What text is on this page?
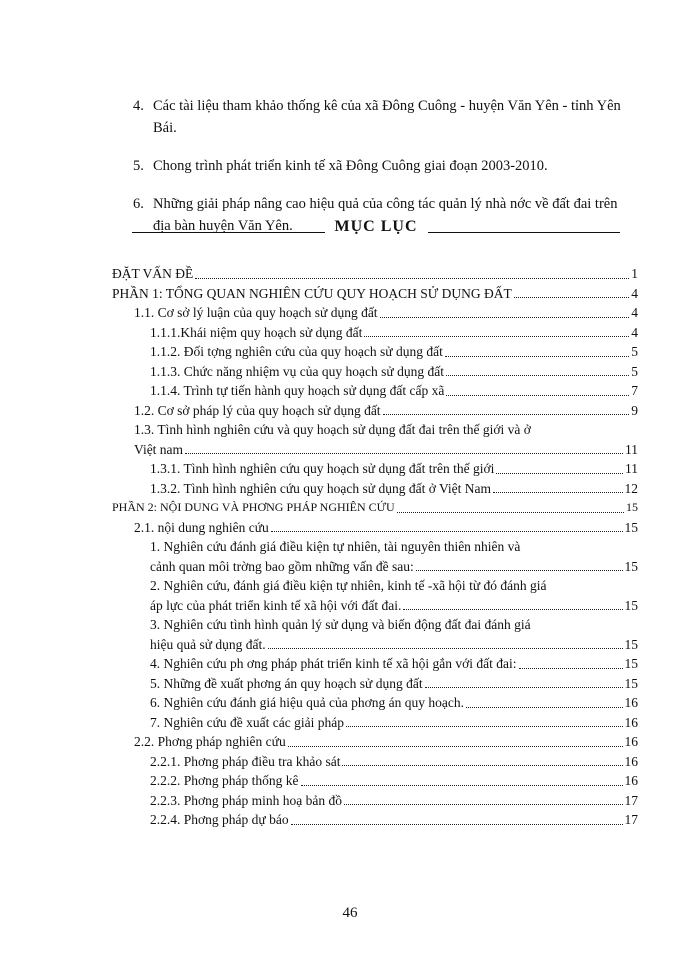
4. Các tài liệu tham khảo thống kê của xã Đông Cuông - huyện Văn Yên - tỉnh Yên Bái.
5. Chong trình phát triển kinh tế xã Đông Cuông giai đoạn 2003-2010.
6. Những giải pháp nâng cao hiệu quả của công tác quản lý nhà nớc về đất đai trên địa bàn huyện Văn Yên.	MỤC LỤC
ĐẶT VẤN ĐỀ	1
PHẦN 1: TỔNG QUAN NGHIÊN CỨU QUY HOẠCH SỬ DỤNG ĐẤT	4
1.1. Cơ sở lý luận của quy hoạch sử dụng đất	4
1.1.1.Khái niệm quy hoạch sử dụng đất	4
1.1.2. Đối tợng nghiên cứu của quy hoạch sử dụng đất	5
1.1.3. Chức năng nhiệm vụ của quy hoạch sử dụng đất	5
1.1.4. Trình tự tiến hành quy hoạch sử dụng đất cấp xã	7
1.2. Cơ sở pháp lý của quy hoạch sử dụng đất	9
1.3. Tình hình nghiên cứu và quy hoạch sử dụng đất đai trên thế giới và ở
Việt nam	11
1.3.1. Tình hình nghiên cứu quy hoạch sử dụng đất trên thế giới	11
1.3.2. Tình hình nghiên cứu quy hoạch sử dụng đất ở Việt Nam	12
PHẦN 2: NỘI DUNG VÀ PHƠNG PHÁP NGHIÊN CỨU	15
2.1. nội dung nghiên cứu	15
1. Nghiên cứu đánh giá điều kiện tự nhiên, tài nguyên thiên nhiên và
cảnh quan môi trờng bao gồm những vấn đề sau:	15
2. Nghiên cứu, đánh giá điều kiện tự nhiên, kinh tế -xã hội từ đó đánh giá
áp lực của phát triển kinh tế xã hội với đất đai.	15
3. Nghiên cứu tình hình quản lý sử dụng và biến động đất đai đánh giá
hiệu quả sử dụng đất.	15
4. Nghiên cứu ph ơng pháp phát triển kinh tế xã hội gắn với đất đai:	15
5. Những đề xuất phơng án quy hoạch sử dụng đất	15
6. Nghiên cứu đánh giá hiệu quả của phơng án quy hoạch.	16
7. Nghiên cứu đề xuất các giải pháp	16
2.2. Phơng pháp nghiên cứu	16
2.2.1. Phơng pháp điều tra khảo sát	16
2.2.2. Phơng pháp thống kê	16
2.2.3. Phơng pháp minh hoạ bản đồ	17
2.2.4. Phơng pháp dự báo	17
46
